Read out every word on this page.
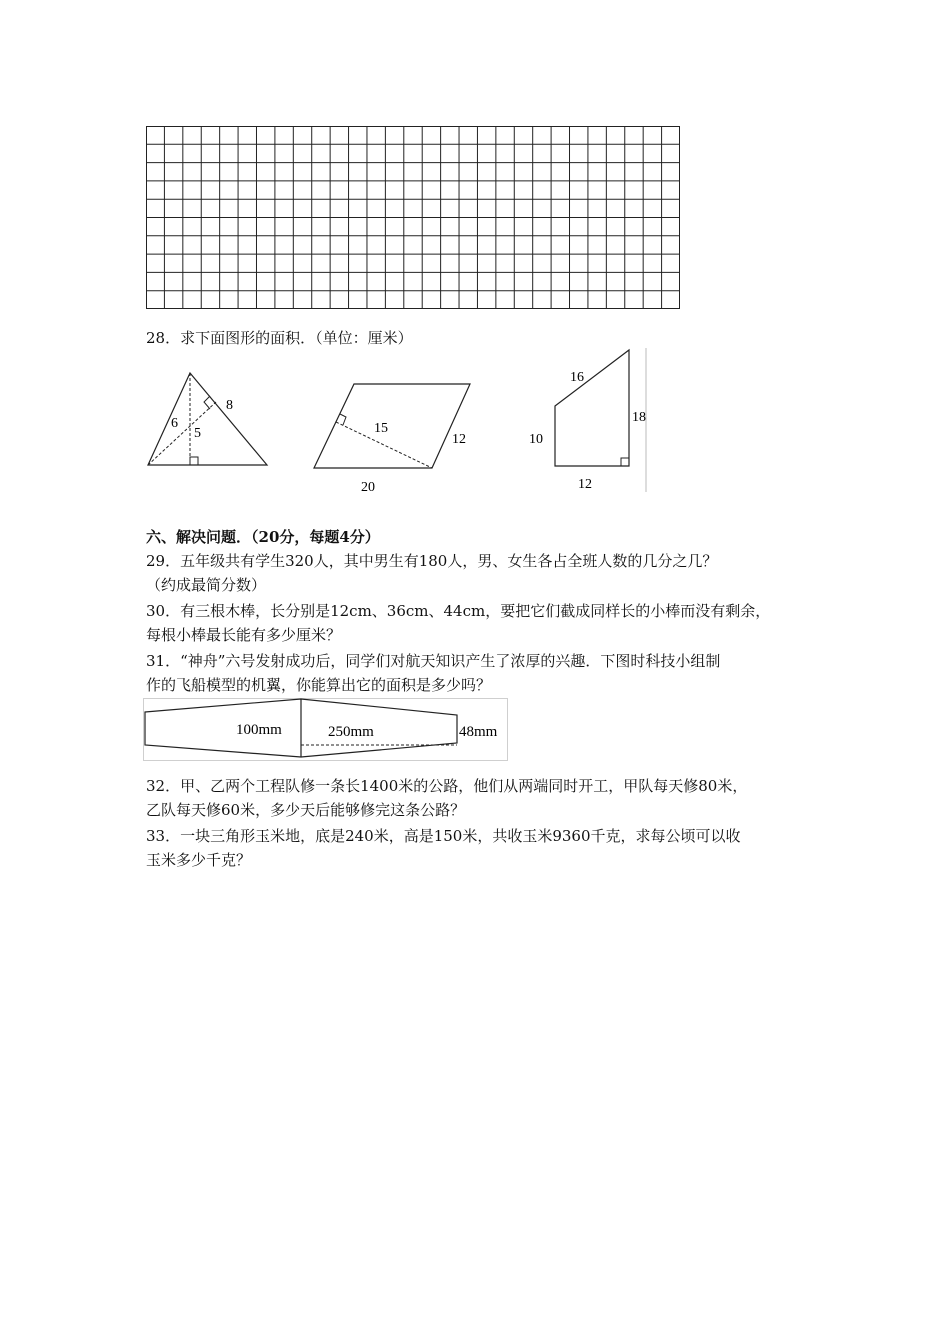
28．求下面图形的面积．（单位：厘米）
8
6
5	15
12
20
16
10
18
12
六、解决问题．（20分，每题4分）
29．五年级共有学生320人，其中男生有180人，男、女生各占全班人数的几分之几？
（约成最简分数）
30．有三根木棒，长分别是12cm、36cm、44cm，要把它们截成同样长的小棒而没有剩余，
每根小棒最长能有多少厘米？
31．“神舟”六号发射成功后，同学们对航天知识产生了浓厚的兴趣．下图时科技小组制
作的飞船模型的机翼，你能算出它的面积是多少吗？
100mm	250mm	48mm
32．甲、乙两个工程队修一条长1400米的公路，他们从两端同时开工，甲队每天修80米，
乙队每天修60米，多少天后能够修完这条公路？
33．一块三角形玉米地，底是240米，高是150米，共收玉米9360千克，求每公顷可以收
玉米多少千克？
